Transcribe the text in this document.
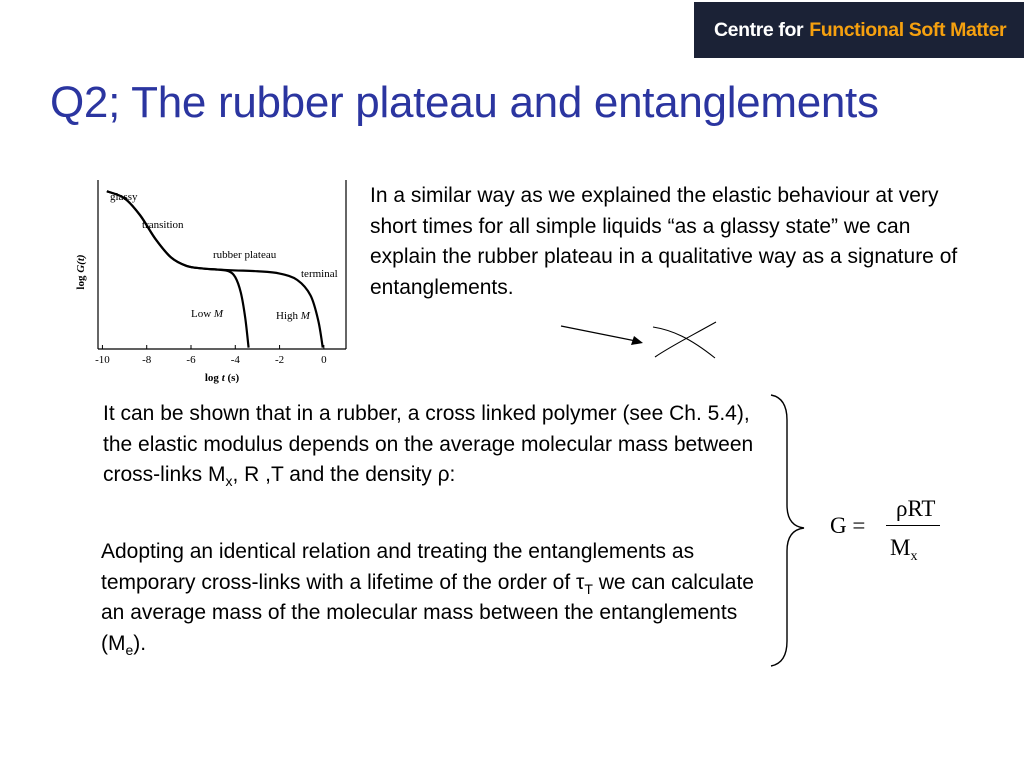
Centre for Functional Soft Matter
Q2; The rubber plateau and entanglements
-10	-8	-6	-4	-2	0
log G(t)
log t (s)
glassy
transition
rubber plateau
terminal
Low M	High M

In a similar way as we explained the elastic behaviour at very short times for all simple liquids “as a glassy state” we can explain the rubber plateau in a qualitative way as a signature of entanglements.

It can be shown that in a rubber, a cross linked polymer (see Ch. 5.4), the elastic modulus depends on the average molecular mass between cross-links $M_x$, R ,T and the density ρ:

Adopting an identical relation and treating the entanglements as temporary cross-links with a lifetime of the order of $\tau_T$ we can calculate an average mass of the molecular mass between the entanglements $(M_e)$.

G =
ρRT
$M_x$
